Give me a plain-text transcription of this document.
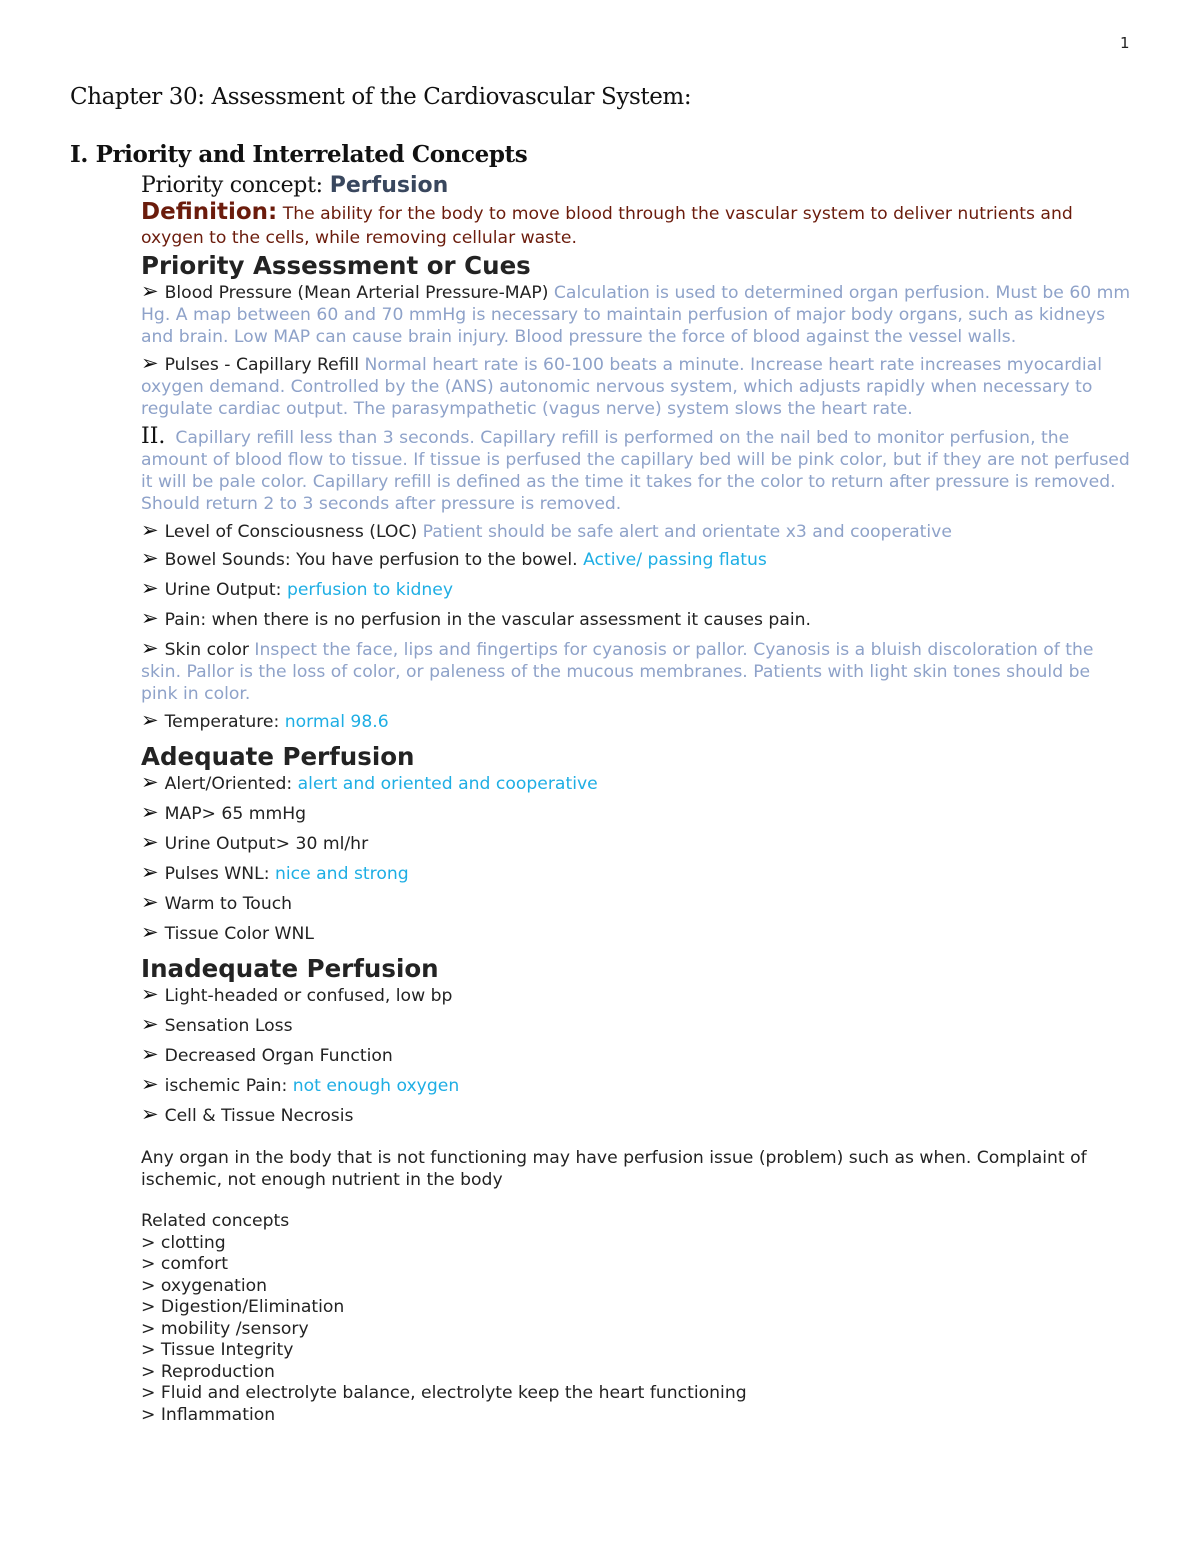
1
Chapter 30: Assessment of the Cardiovascular System:
I. Priority and Interrelated Concepts
Priority concept: Perfusion
Definition: The ability for the body to move blood through the vascular system to deliver nutrients and oxygen to the cells, while removing cellular waste.
Priority Assessment or Cues
➢ Blood Pressure (Mean Arterial Pressure-MAP) Calculation is used to determined organ perfusion. Must be 60 mm Hg. A map between 60 and 70 mmHg is necessary to maintain perfusion of major body organs, such as kidneys and brain. Low MAP can cause brain injury. Blood pressure the force of blood against the vessel walls.
➢ Pulses - Capillary Refill Normal heart rate is 60-100 beats a minute. Increase heart rate increases myocardial oxygen demand. Controlled by the (ANS) autonomic nervous system, which adjusts rapidly when necessary to regulate cardiac output. The parasympathetic (vagus nerve) system slows the heart rate.
II. Capillary refill less than 3 seconds. Capillary refill is performed on the nail bed to monitor perfusion, the amount of blood flow to tissue. If tissue is perfused the capillary bed will be pink color, but if they are not perfused it will be pale color. Capillary refill is defined as the time it takes for the color to return after pressure is removed. Should return 2 to 3 seconds after pressure is removed.
➢ Level of Consciousness (LOC) Patient should be safe alert and orientate x3 and cooperative
➢ Bowel Sounds: You have perfusion to the bowel. Active/ passing flatus
➢ Urine Output: perfusion to kidney
➢ Pain: when there is no perfusion in the vascular assessment it causes pain.
➢ Skin color Inspect the face, lips and fingertips for cyanosis or pallor. Cyanosis is a bluish discoloration of the skin. Pallor is the loss of color, or paleness of the mucous membranes. Patients with light skin tones should be pink in color.
➢ Temperature: normal 98.6
Adequate Perfusion
➢ Alert/Oriented: alert and oriented and cooperative
➢ MAP> 65 mmHg
➢ Urine Output> 30 ml/hr
➢ Pulses WNL: nice and strong
➢ Warm to Touch
➢ Tissue Color WNL
Inadequate Perfusion
➢ Light-headed or confused, low bp
➢ Sensation Loss
➢ Decreased Organ Function
➢ ischemic Pain: not enough oxygen
➢ Cell & Tissue Necrosis
Any organ in the body that is not functioning may have perfusion issue (problem) such as when. Complaint of ischemic, not enough nutrient in the body
Related concepts
> clotting
> comfort
> oxygenation
> Digestion/Elimination
> mobility /sensory
> Tissue Integrity
> Reproduction
> Fluid and electrolyte balance, electrolyte keep the heart functioning
> Inflammation
